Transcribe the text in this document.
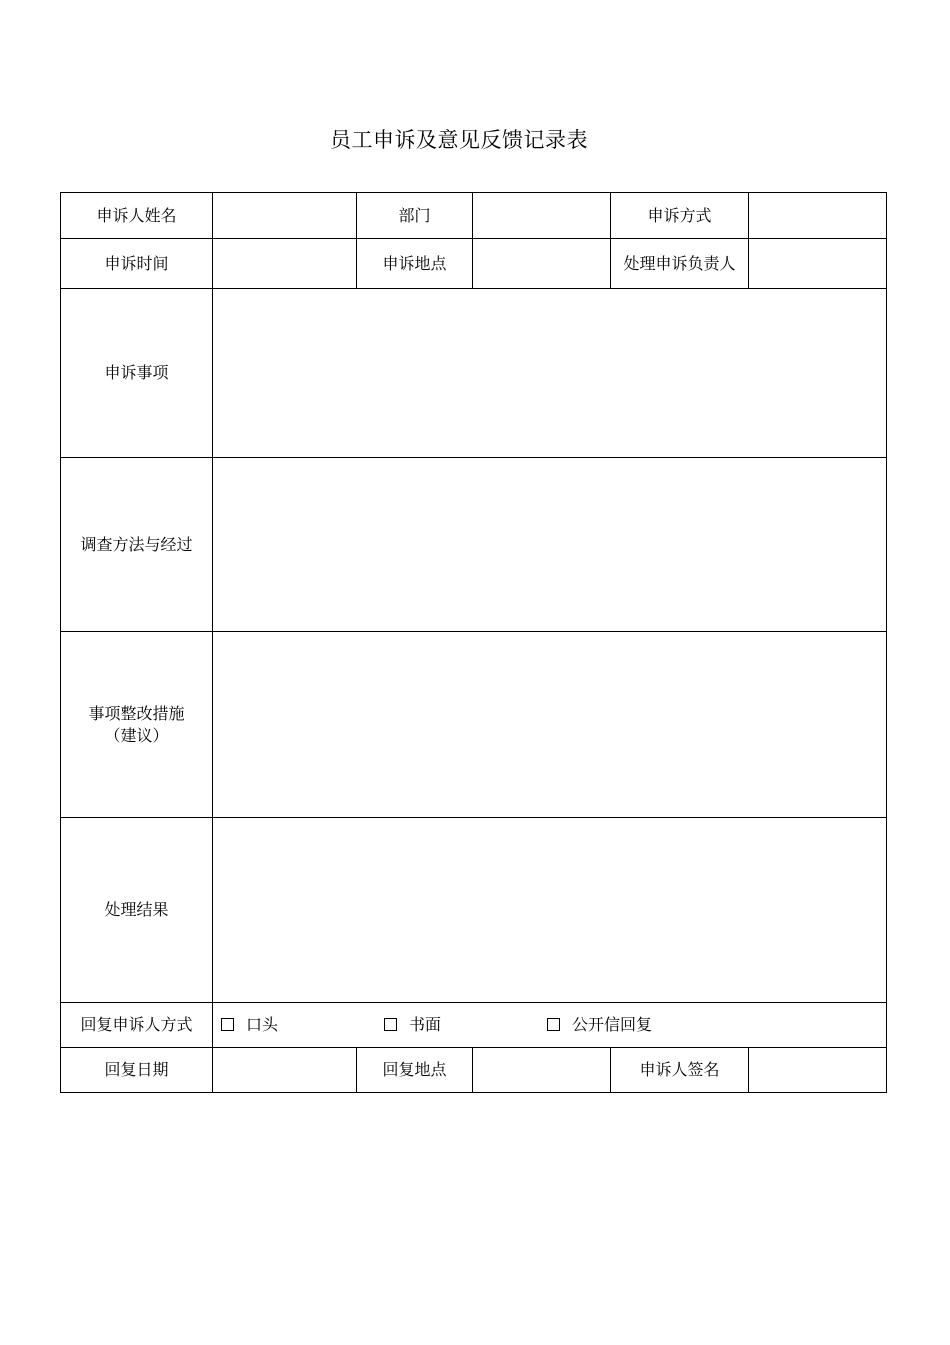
员工申诉及意见反馈记录表
申诉人姓名		部门		申诉方式	
申诉时间		申诉地点		处理申诉负责人	
申诉事项					
调查方法与经过					

事项整改措施
（建议）					

处理结果					
回复申诉人方式	口头 书面 公开信回复				
回复日期		回复地点		申诉人签名	
